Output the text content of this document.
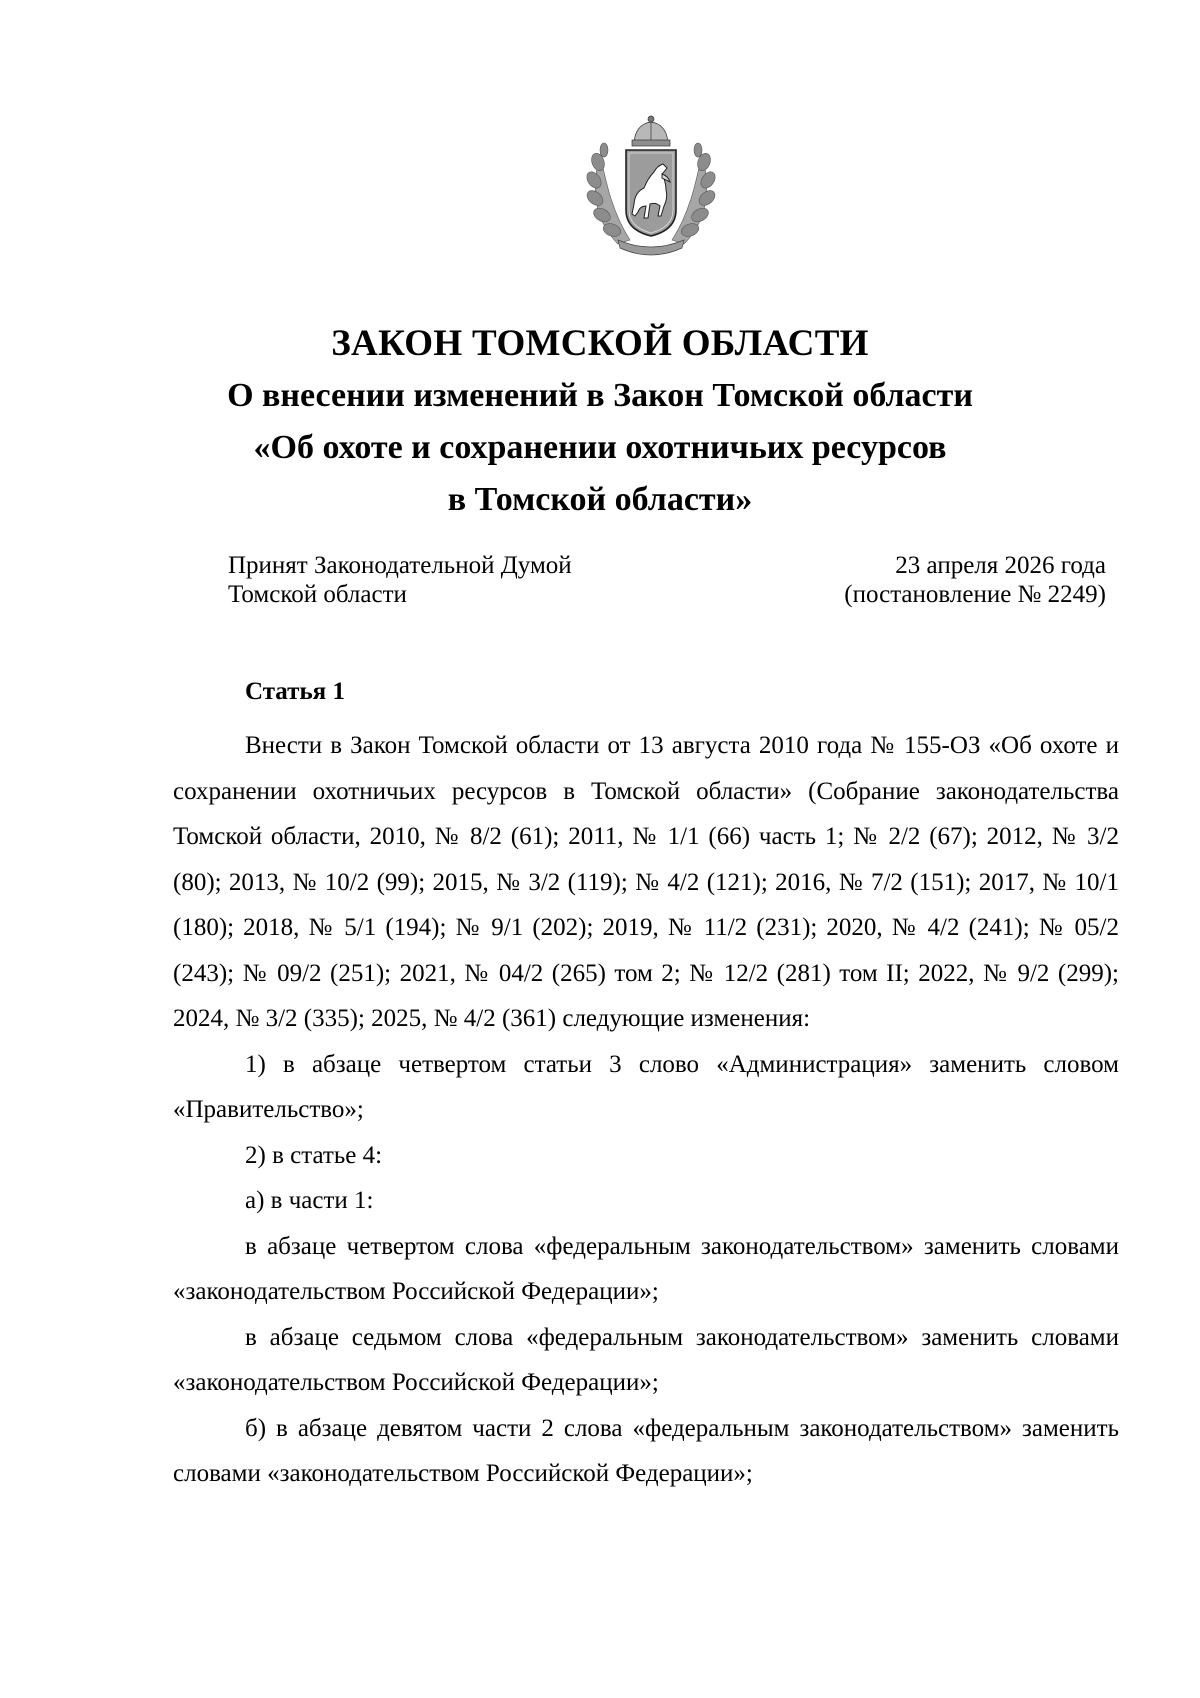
ЗАКОН ТОМСКОЙ ОБЛАСТИ
О внесении изменений в Закон Томской области
«Об охоте и сохранении охотничьих ресурсов
в Томской области»
Принят Законодательной Думой
Томской области
23 апреля 2026 года
(постановление № 2249)
Статья 1

Внести в Закон Томской области от 13 августа 2010 года № 155-ОЗ «Об охоте и сохранении охотничьих ресурсов в Томской области» (Собрание законодательства Томской области, 2010, № 8/2 (61); 2011, № 1/1 (66) часть 1; № 2/2 (67); 2012, № 3/2 (80); 2013, № 10/2 (99); 2015, № 3/2 (119); № 4/2 (121); 2016, № 7/2 (151); 2017, № 10/1 (180); 2018, № 5/1 (194); № 9/1 (202); 2019, № 11/2 (231); 2020, № 4/2 (241); № 05/2 (243); № 09/2 (251); 2021, № 04/2 (265) том 2; № 12/2 (281) том II; 2022, № 9/2 (299); 2024, № 3/2 (335); 2025, № 4/2 (361) следующие изменения:

1) в абзаце четвертом статьи 3 слово «Администрация» заменить словом «Правительство»;

2) в статье 4:

а) в части 1:

в абзаце четвертом слова «федеральным законодательством» заменить словами «законодательством Российской Федерации»;

в абзаце седьмом слова «федеральным законодательством» заменить словами «законодательством Российской Федерации»;

б) в абзаце девятом части 2 слова «федеральным законодательством» заменить словами «законодательством Российской Федерации»;
